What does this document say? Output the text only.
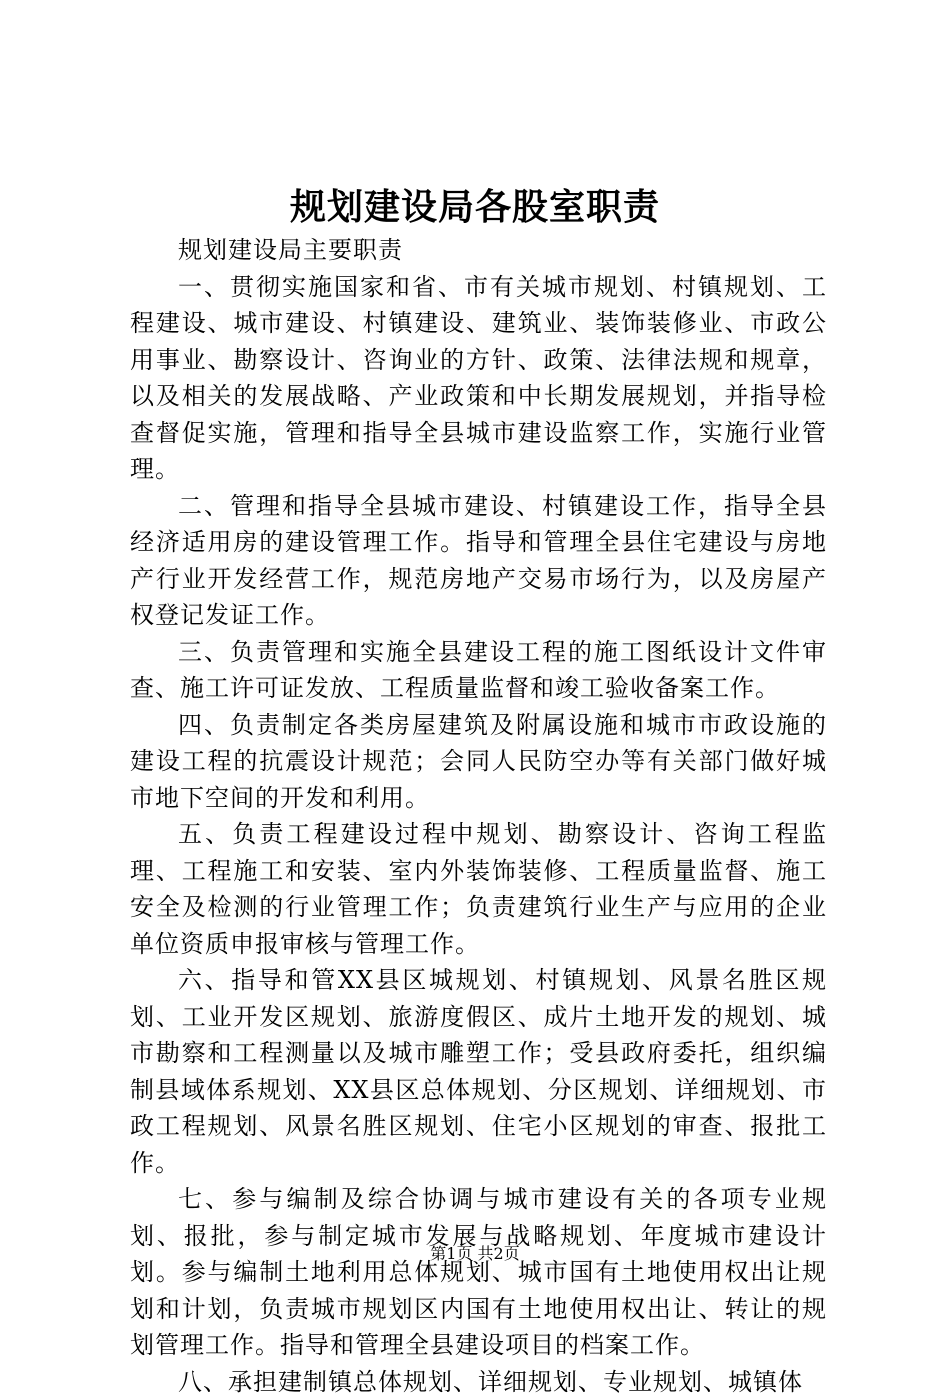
规划建设局各股室职责

规划建设局主要职责

一、贯彻实施国家和省、市有关城市规划、村镇规划、工程建设、城市建设、村镇建设、建筑业、装饰装修业、市政公用事业、勘察设计、咨询业的方针、政策、法律法规和规章，以及相关的发展战略、产业政策和中长期发展规划，并指导检查督促实施，管理和指导全县城市建设监察工作，实施行业管理。

二、管理和指导全县城市建设、村镇建设工作，指导全县经济适用房的建设管理工作。指导和管理全县住宅建设与房地产行业开发经营工作，规范房地产交易市场行为，以及房屋产权登记发证工作。

三、负责管理和实施全县建设工程的施工图纸设计文件审查、施工许可证发放、工程质量监督和竣工验收备案工作。

四、负责制定各类房屋建筑及附属设施和城市市政设施的建设工程的抗震设计规范；会同人民防空办等有关部门做好城市地下空间的开发和利用。

五、负责工程建设过程中规划、勘察设计、咨询工程监理、工程施工和安装、室内外装饰装修、工程质量监督、施工安全及检测的行业管理工作；负责建筑行业生产与应用的企业单位资质申报审核与管理工作。

六、指导和管XX县区城规划、村镇规划、风景名胜区规划、工业开发区规划、旅游度假区、成片土地开发的规划、城市勘察和工程测量以及城市雕塑工作；受县政府委托，组织编制县域体系规划、XX县区总体规划、分区规划、详细规划、市政工程规划、风景名胜区规划、住宅小区规划的审查、报批工作。

七、参与编制及综合协调与城市建设有关的各项专业规划、报批，参与制定城市发展与战略规划、年度城市建设计划。参与编制土地利用总体规划、城市国有土地使用权出让规划和计划，负责城市规划区内国有土地使用权出让、转让的规划管理工作。指导和管理全县建设项目的档案工作。

八、承担建制镇总体规划、详细规划、专业规划、城镇体

第1页 共2页
